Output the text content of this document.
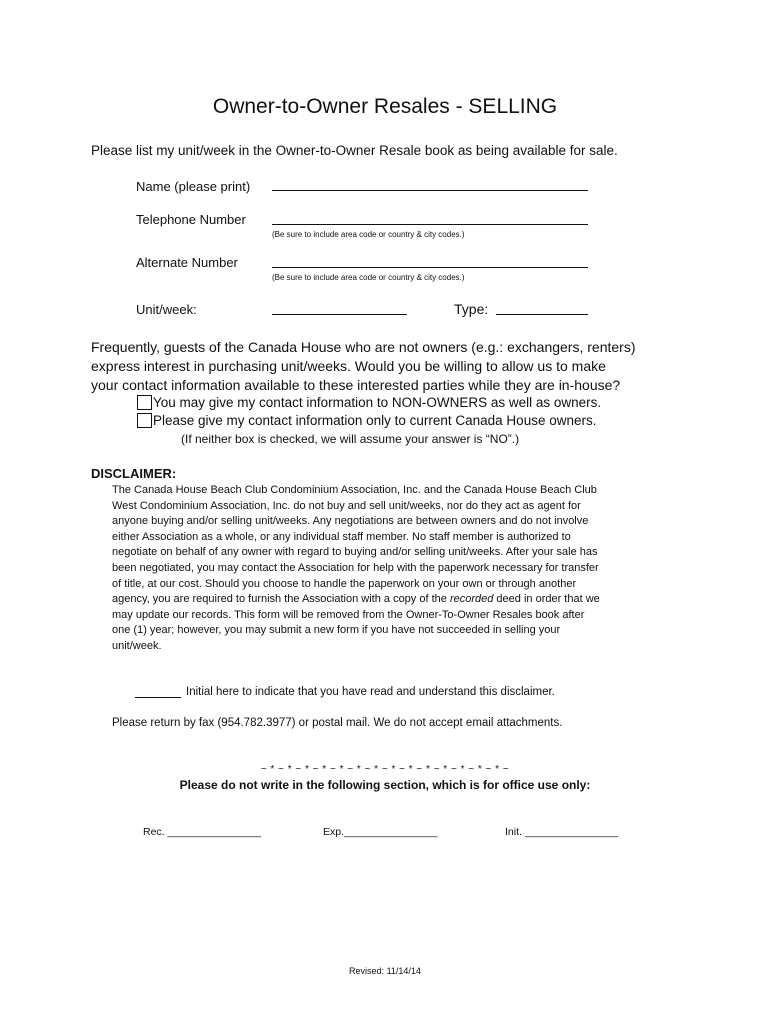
Owner-to-Owner Resales - SELLING
Please list my unit/week in the Owner-to-Owner Resale book as being available for sale.
Name (please print)
Telephone Number
(Be sure to include area code or country & city codes.)
Alternate Number
(Be sure to include area code or country & city codes.)
Unit/week:	Type:
Frequently, guests of the Canada House who are not owners (e.g.: exchangers, renters)
express interest in purchasing unit/weeks. Would you be willing to allow us to make
your contact information available to these interested parties while they are in-house?
You may give my contact information to NON-OWNERS as well as owners.
Please give my contact information only to current Canada House owners.
(If neither box is checked, we will assume your answer is “NO”.)
DISCLAIMER:
The Canada House Beach Club Condominium Association, Inc. and the Canada House Beach Club
West Condominium Association, Inc. do not buy and sell unit/weeks, nor do they act as agent for
anyone buying and/or selling unit/weeks. Any negotiations are between owners and do not involve
either Association as a whole, or any individual staff member. No staff member is authorized to
negotiate on behalf of any owner with regard to buying and/or selling unit/weeks. After your sale has
been negotiated, you may contact the Association for help with the paperwork necessary for transfer
of title, at our cost. Should you choose to handle the paperwork on your own or through another
agency, you are required to furnish the Association with a copy of the recorded deed in order that we
may update our records. This form will be removed from the Owner-To-Owner Resales book after
one (1) year; however, you may submit a new form if you have not succeeded in selling your
unit/week.
Initial here to indicate that you have read and understand this disclaimer.
Please return by fax (954.782.3977) or postal mail. We do not accept email attachments.
~ * ~ * ~ * ~ * ~ * ~ * ~ * ~ * ~ * ~ * ~ * ~ * ~ * ~ * ~
Please do not write in the following section, which is for office use only:
Rec. ________________	Exp.________________	Init. ________________
Revised: 11/14/14
